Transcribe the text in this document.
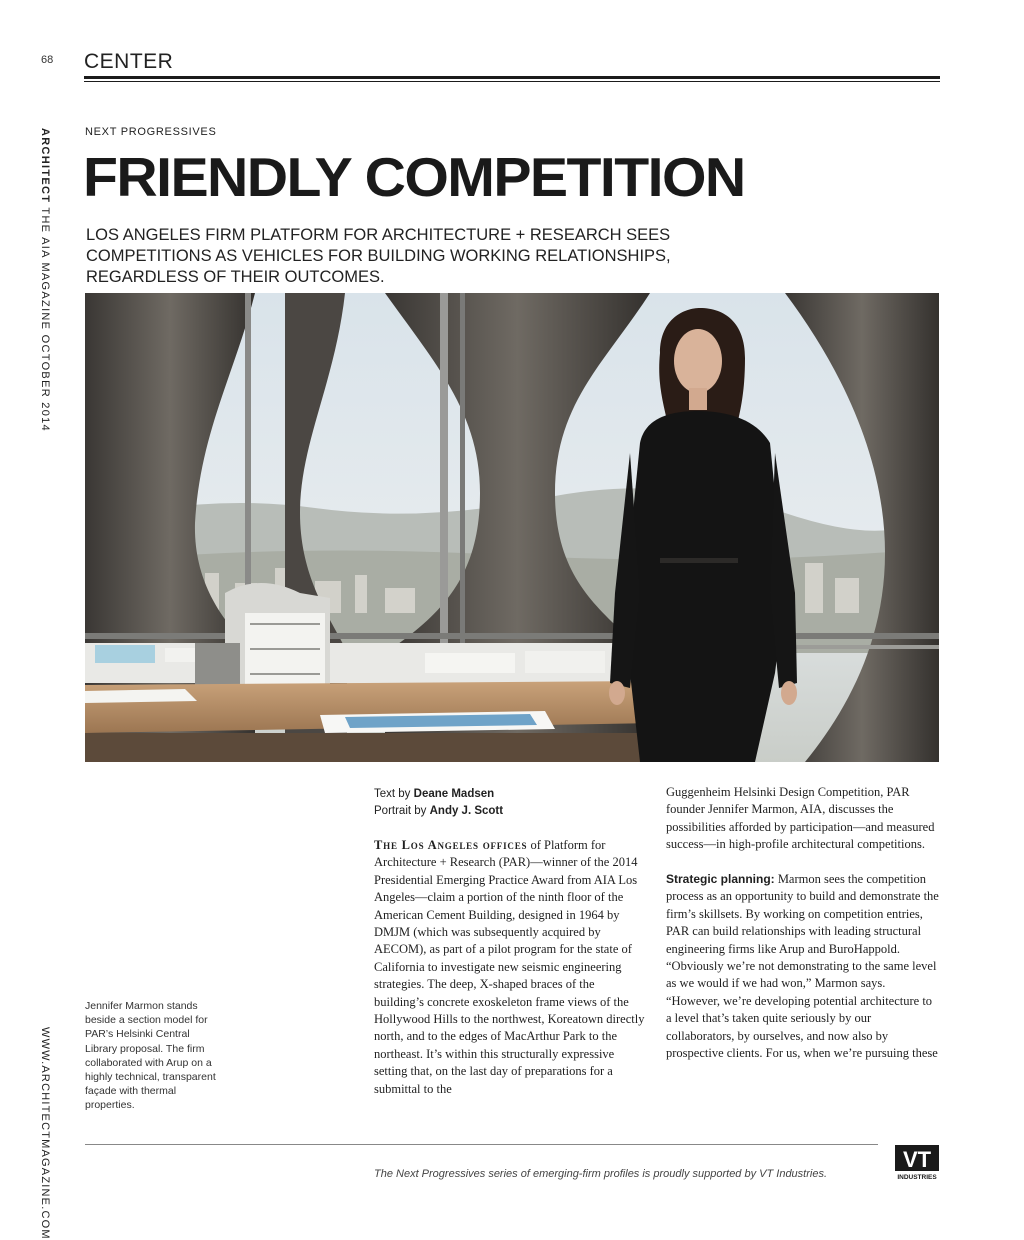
68 CENTER
ARCHITECT THE AIA MAGAZINE OCTOBER 2014
WWW.ARCHITECTMAGAZINE.COM
NEXT PROGRESSIVES
FRIENDLY COMPETITION
LOS ANGELES FIRM PLATFORM FOR ARCHITECTURE + RESEARCH SEES COMPETITIONS AS VEHICLES FOR BUILDING WORKING RELATIONSHIPS, REGARDLESS OF THEIR OUTCOMES.
Jennifer Marmon stands beside a section model for PAR’s Helsinki Central Library proposal. The firm collaborated with Arup on a highly technical, transparent façade with thermal properties.
Text by Deane Madsen
Portrait by Andy J. Scott

The Los Angeles offices of Platform for Architecture + Research (PAR)—winner of the 2014 Presidential Emerging Practice Award from AIA Los Angeles—claim a portion of the ninth floor of the American Cement Building, designed in 1964 by DMJM (which was subsequently acquired by AECOM), as part of a pilot program for the state of California to investigate new seismic engineering strategies. The deep, X-shaped braces of the building’s concrete exoskeleton frame views of the Hollywood Hills to the northwest, Koreatown directly north, and to the edges of MacArthur Park to the northeast. It’s within this structurally expressive setting that, on the last day of preparations for a submittal to the

Guggenheim Helsinki Design Competition, PAR founder Jennifer Marmon, AIA, discusses the possibilities afforded by participation—and measured success—in high-profile architectural competitions.

Strategic planning: Marmon sees the competition process as an opportunity to build and demonstrate the firm’s skillsets. By working on competition entries, PAR can build relationships with leading structural engineering firms like Arup and BuroHappold. “Obviously we’re not demonstrating to the same level as we would if we had won,” Marmon says. “However, we’re developing potential architecture to a level that’s taken quite seriously by our collaborators, by ourselves, and now also by prospective clients. For us, when we’re pursuing these

The Next Progressives series of emerging-firm profiles is proudly supported by VT Industries.
VT
INDUSTRIES
